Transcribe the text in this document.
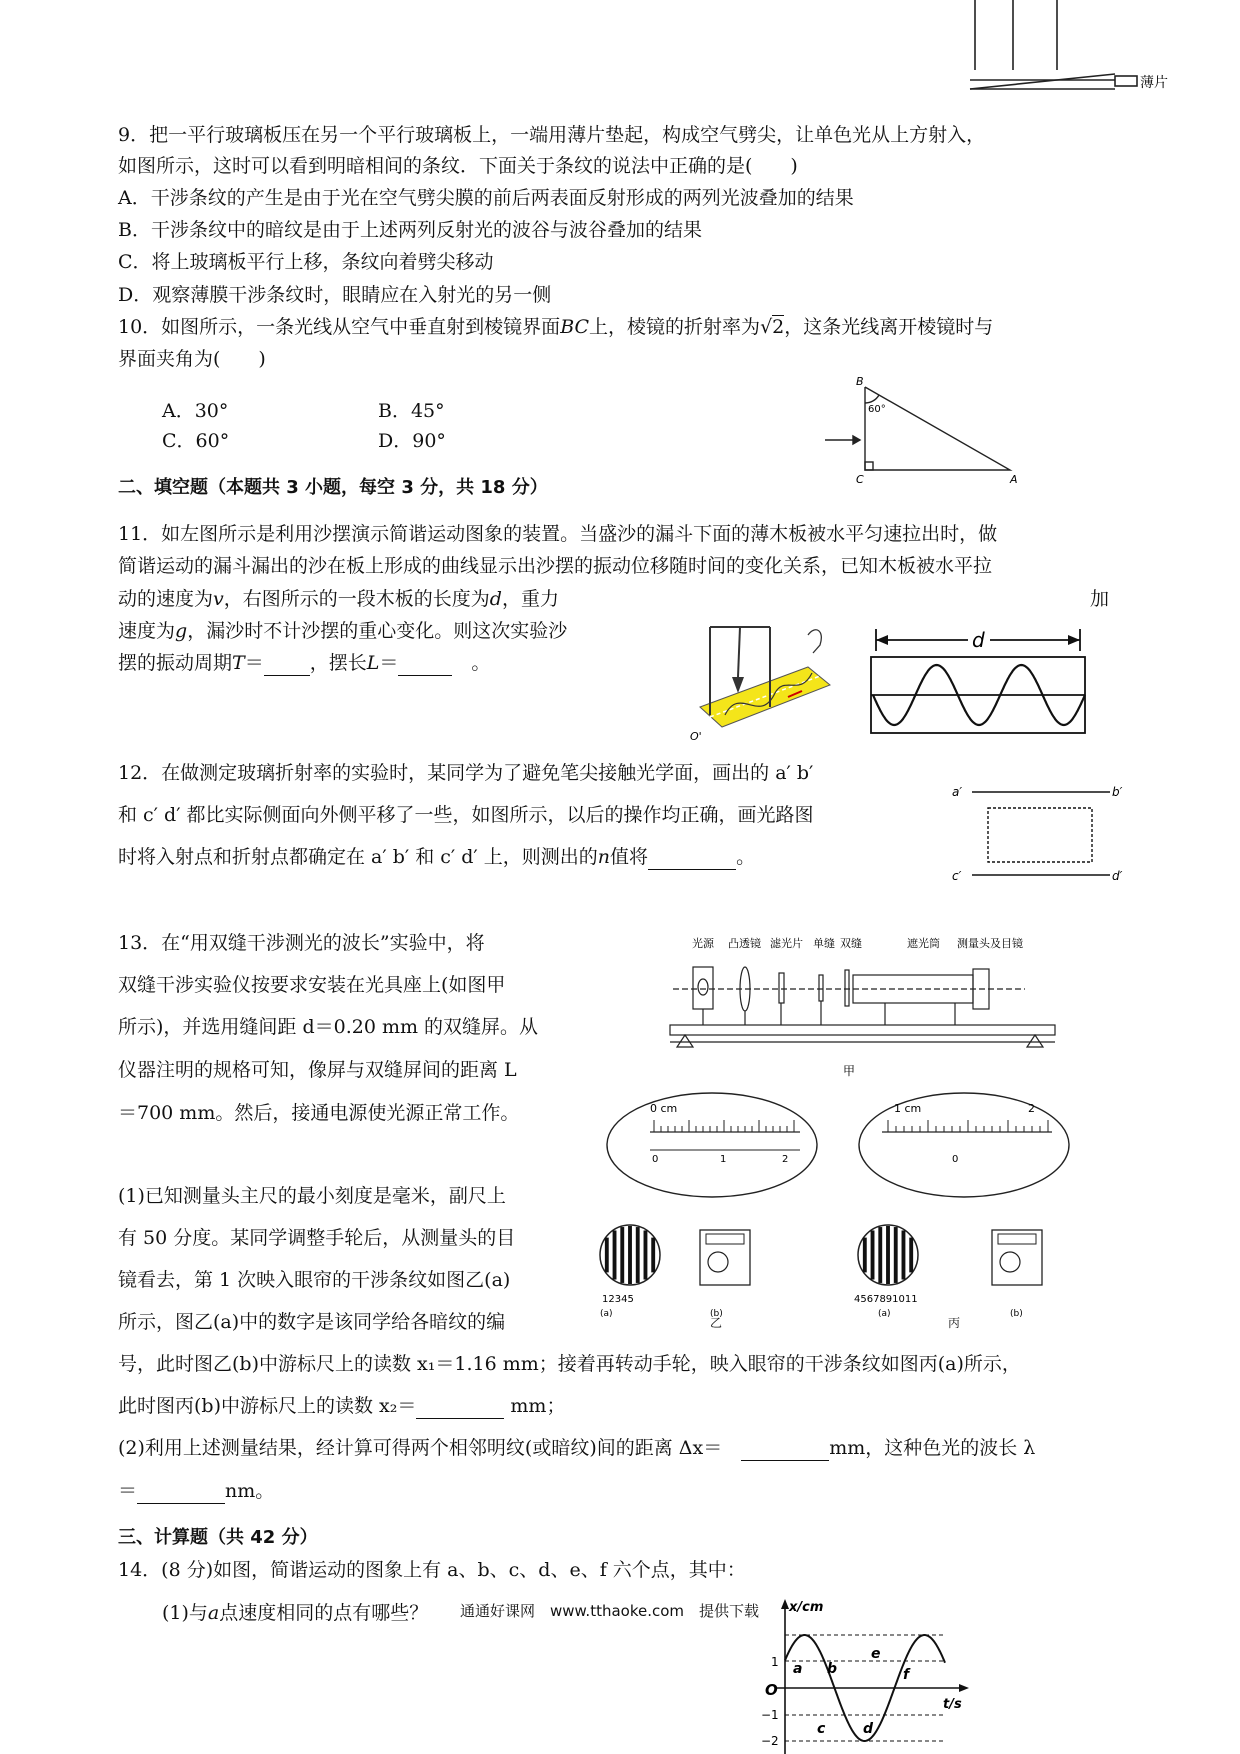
薄片
9．把一平行玻璃板压在另一个平行玻璃板上，一端用薄片垫起，构成空气劈尖，让单色光从上方射入，
如图所示，这时可以看到明暗相间的条纹．下面关于条纹的说法中正确的是(　　)
A．干涉条纹的产生是由于光在空气劈尖膜的前后两表面反射形成的两列光波叠加的结果
B．干涉条纹中的暗纹是由于上述两列反射光的波谷与波谷叠加的结果
C．将上玻璃板平行上移，条纹向着劈尖移动
D．观察薄膜干涉条纹时，眼睛应在入射光的另一侧
10．如图所示，一条光线从空气中垂直射到棱镜界面BC上，棱镜的折射率为√2，这条光线离开棱镜时与
界面夹角为(　　)
A．30°	B．45°
C．60°	D．90°
B
C	A
60°
二、填空题（本题共 3 小题，每空 3 分，共 18 分）
11．如左图所示是利用沙摆演示简谐运动图象的装置。当盛沙的漏斗下面的薄木板被水平匀速拉出时，做
简谐运动的漏斗漏出的沙在板上形成的曲线显示出沙摆的振动位移随时间的变化关系，已知木板被水平拉
动的速度为v，右图所示的一段木板的长度为d，重力	加
速度为g，漏沙时不计沙摆的重心变化。则这次实验沙
摆的振动周期T＝ ，摆长L＝　	。
O'
d
12．在做测定玻璃折射率的实验时，某同学为了避免笔尖接触光学面，画出的 a′ b′
和 c′ d′ 都比实际侧面向外侧平移了一些，如图所示，以后的操作均正确，画光路图
时将入射点和折射点都确定在 a′ b′ 和 c′ d′ 上，则测出的n值将	。
a′	b′
c′	d′
13．在“用双缝干涉测光的波长”实验中，将
双缝干涉实验仪按要求安装在光具座上(如图甲
所示)，并选用缝间距 d＝0.20 mm 的双缝屏。从
仪器注明的规格可知，像屏与双缝屏间的距离 L
＝700 mm。然后，接通电源使光源正常工作。
(1)已知测量头主尺的最小刻度是毫米，副尺上
有 50 分度。某同学调整手轮后，从测量头的目
镜看去，第 1 次映入眼帘的干涉条纹如图乙(a)
所示，图乙(a)中的数字是该同学给各暗纹的编
号，此时图乙(b)中游标尺上的读数 x₁＝1.16 mm；接着再转动手轮，映入眼帘的干涉条纹如图丙(a)所示，
此时图丙(b)中游标尺上的读数 x₂＝	mm；
(2)利用上述测量结果，经计算可得两个相邻明纹(或暗纹)间的距离 Δx＝　	mm，这种色光的波长 λ
＝	nm。
光源 凸透镜 滤光片 单缝 双缝	遮光筒 测量头及目镜
甲
0 cm
0	1	2
12345
(a)	(b)
1 cm	2
0
4567891011
(a)	(b)
乙	丙
三、计算题（共 42 分）
14．(8 分)如图，简谐运动的图象上有 a、b、c、d、e、f 六个点，其中：
(1)与a点速度相同的点有哪些？	x/cm
t/s
O
1
−1
−2
a b
c	d
e
f
通通好课网　www.tthaoke.com　提供下载
